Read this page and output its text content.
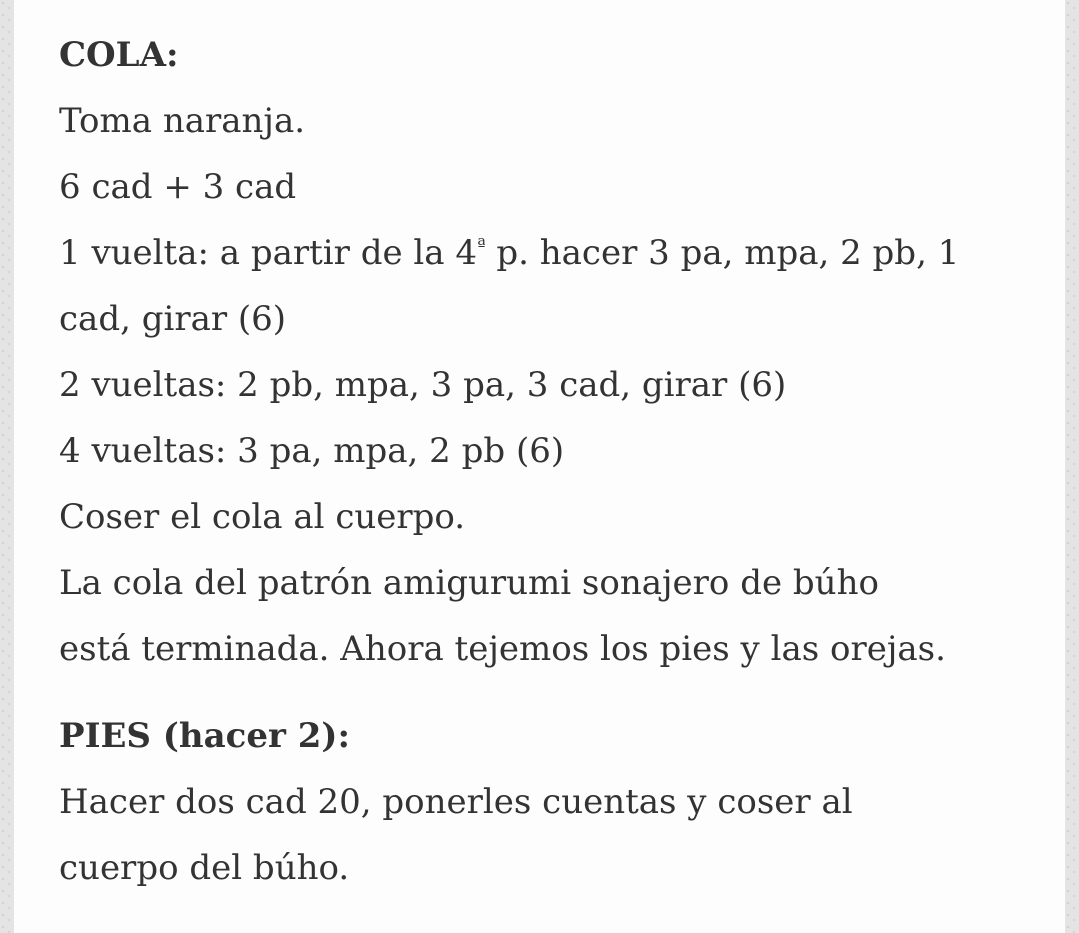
COLA:
Toma naranja.
6 cad + 3 cad
1 vuelta: a partir de la $4^ª$ p. hacer 3 pa, mpa, 2 pb, 1
cad, girar (6)
2 vueltas: 2 pb, mpa, 3 pa, 3 cad, girar (6)
4 vueltas: 3 pa, mpa, 2 pb (6)
Coser el cola al cuerpo.
La cola del patrón amigurumi sonajero de búho
está terminada. Ahora tejemos los pies y las orejas.
PIES (hacer 2):
Hacer dos cad 20, ponerles cuentas y coser al
cuerpo del búho.
